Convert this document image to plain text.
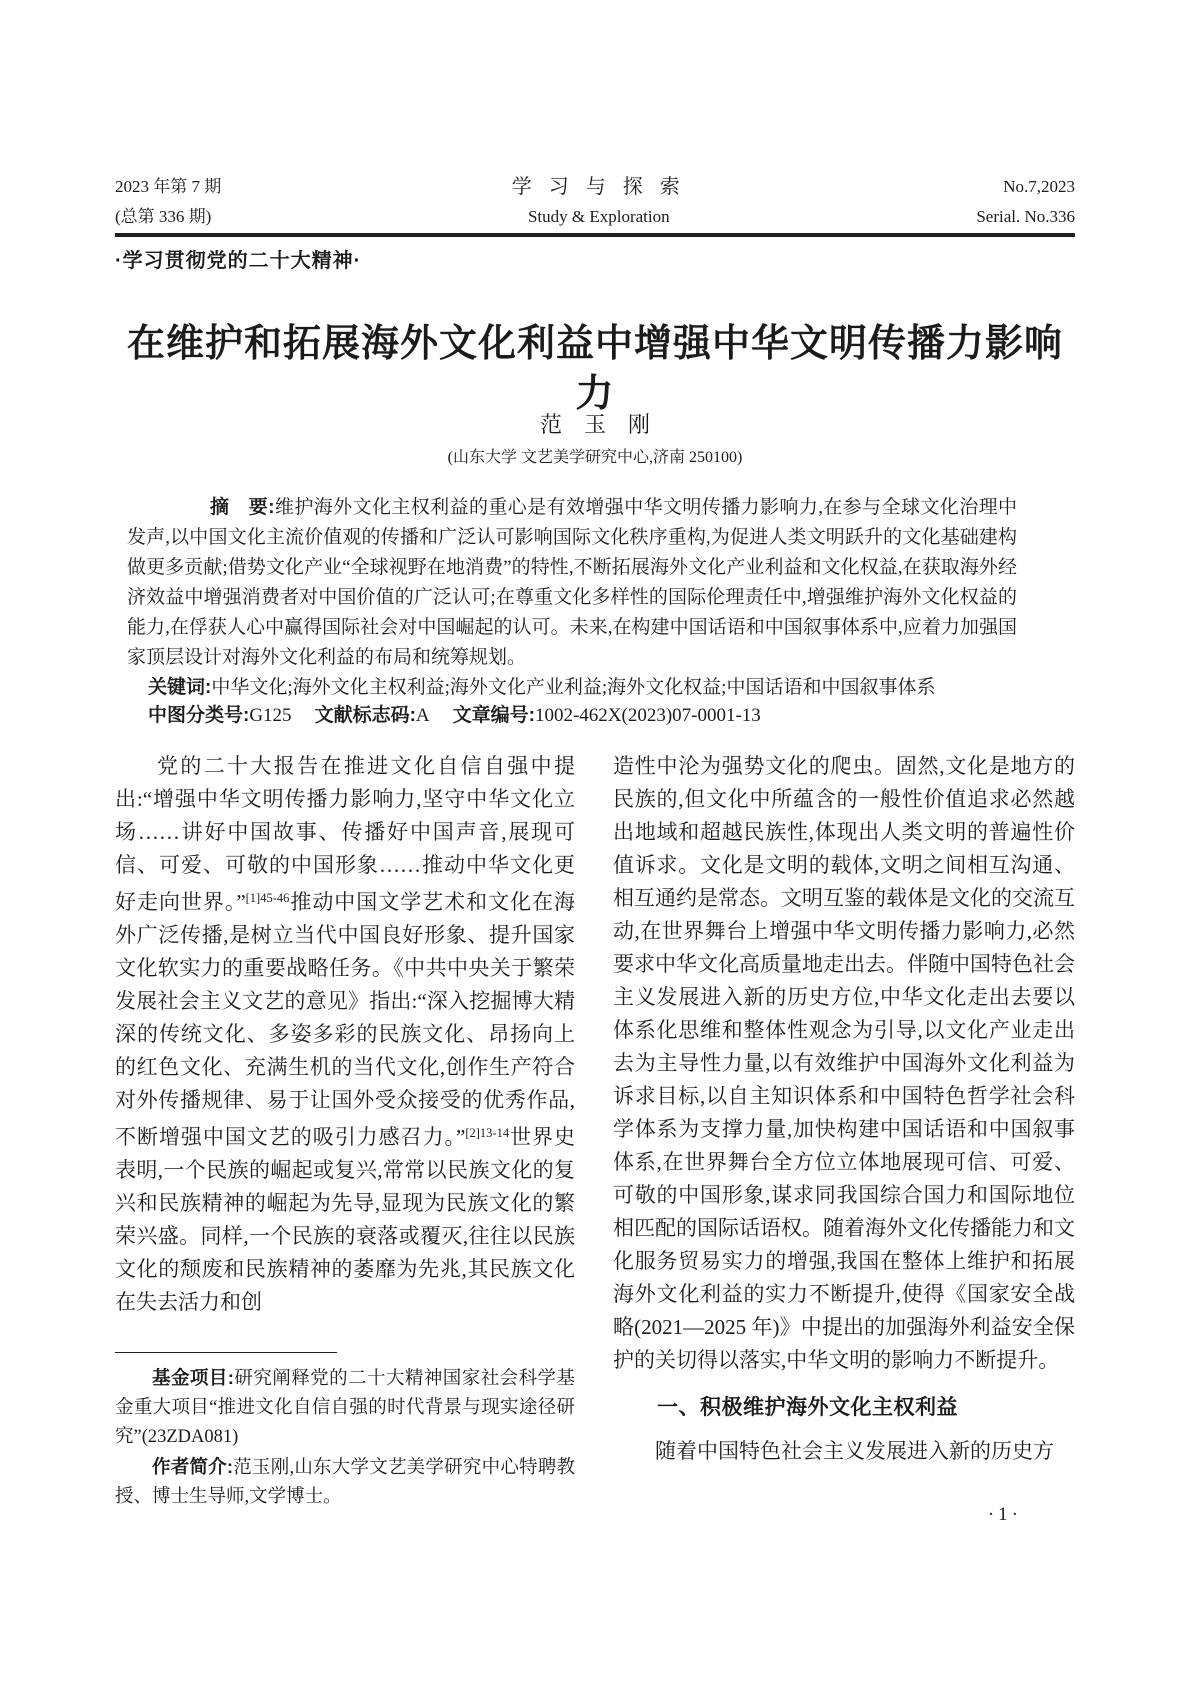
2023 年第 7 期
(总第 336 期)
学 习 与 探 索
Study & Exploration
No.7,2023
Serial. No.336
·学习贯彻党的二十大精神·
在维护和拓展海外文化利益中增强中华文明传播力影响力
范　玉　刚
(山东大学 文艺美学研究中心,济南 250100)

摘　要:维护海外文化主权利益的重心是有效增强中华文明传播力影响力,在参与全球文化治理中发声,以中国文化主流价值观的传播和广泛认可影响国际文化秩序重构,为促进人类文明跃升的文化基础建构做更多贡献;借势文化产业“全球视野在地消费”的特性,不断拓展海外文化产业利益和文化权益,在获取海外经济效益中增强消费者对中国价值的广泛认可;在尊重文化多样性的国际伦理责任中,增强维护海外文化权益的能力,在俘获人心中赢得国际社会对中国崛起的认可。未来,在构建中国话语和中国叙事体系中,应着力加强国家顶层设计对海外文化利益的布局和统筹规划。

关键词:中华文化;海外文化主权利益;海外文化产业利益;海外文化权益;中国话语和中国叙事体系

中图分类号:G125 文献标志码:A 文章编号:1002-462X(2023)07-0001-13

党的二十大报告在推进文化自信自强中提出:“增强中华文明传播力影响力,坚守中华文化立场……讲好中国故事、传播好中国声音,展现可信、可爱、可敬的中国形象……推动中华文化更好走向世界。”$^{[1]45-46}$推动中国文学艺术和文化在海外广泛传播,是树立当代中国良好形象、提升国家文化软实力的重要战略任务。《中共中央关于繁荣发展社会主义文艺的意见》指出:“深入挖掘博大精深的传统文化、多姿多彩的民族文化、昂扬向上的红色文化、充满生机的当代文化,创作生产符合对外传播规律、易于让国外受众接受的优秀作品,不断增强中国文艺的吸引力感召力。”$^{[2]13-14}$世界史表明,一个民族的崛起或复兴,常常以民族文化的复兴和民族精神的崛起为先导,显现为民族文化的繁荣兴盛。同样,一个民族的衰落或覆灭,往往以民族文化的颓废和民族精神的萎靡为先兆,其民族文化在失去活力和创

基金项目:研究阐释党的二十大精神国家社会科学基金重大项目“推进文化自信自强的时代背景与现实途径研究”(23ZDA081)

作者简介:范玉刚,山东大学文艺美学研究中心特聘教授、博士生导师,文学博士。

造性中沦为强势文化的爬虫。固然,文化是地方的民族的,但文化中所蕴含的一般性价值追求必然越出地域和超越民族性,体现出人类文明的普遍性价值诉求。文化是文明的载体,文明之间相互沟通、相互通约是常态。文明互鉴的载体是文化的交流互动,在世界舞台上增强中华文明传播力影响力,必然要求中华文化高质量地走出去。伴随中国特色社会主义发展进入新的历史方位,中华文化走出去要以体系化思维和整体性观念为引导,以文化产业走出去为主导性力量,以有效维护中国海外文化利益为诉求目标,以自主知识体系和中国特色哲学社会科学体系为支撑力量,加快构建中国话语和中国叙事体系,在世界舞台全方位立体地展现可信、可爱、可敬的中国形象,谋求同我国综合国力和国际地位相匹配的国际话语权。随着海外文化传播能力和文化服务贸易实力的增强,我国在整体上维护和拓展海外文化利益的实力不断提升,使得《国家安全战略(2021—2025 年)》中提出的加强海外利益安全保护的关切得以落实,中华文明的影响力不断提升。

一、积极维护海外文化主权利益

随着中国特色社会主义发展进入新的历史方

·1·
